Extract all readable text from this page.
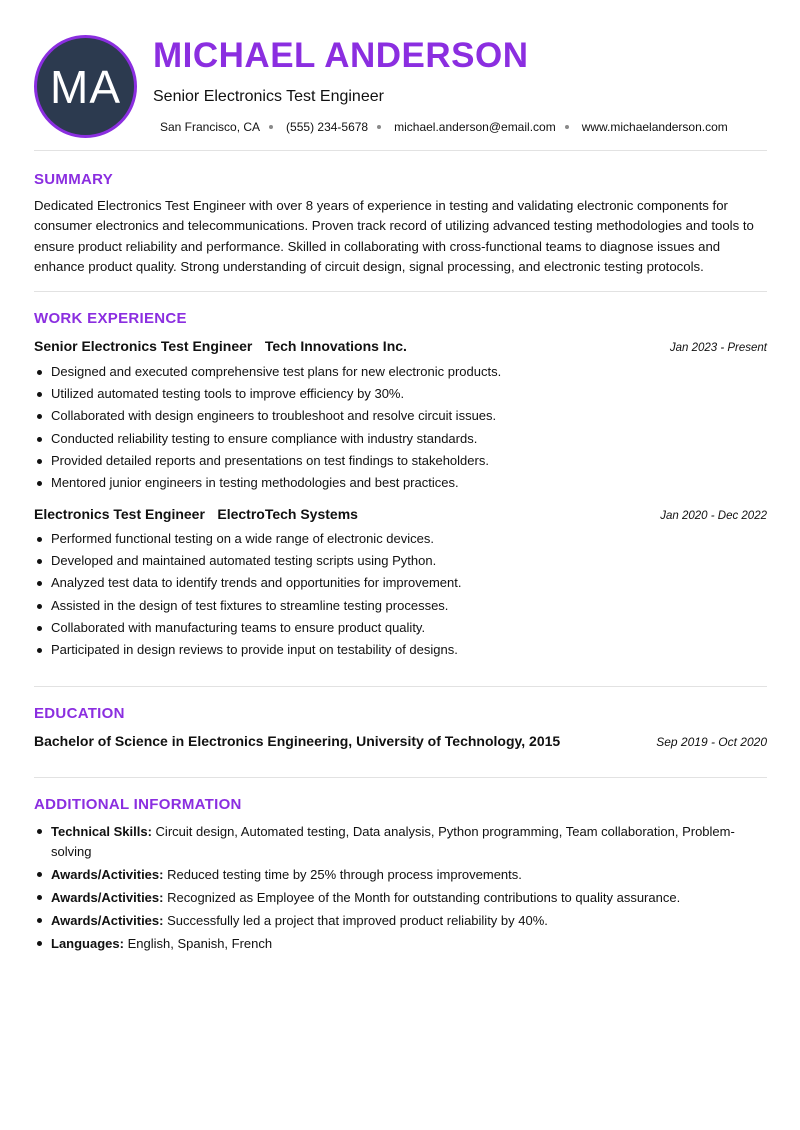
MA
MICHAEL ANDERSON
Senior Electronics Test Engineer
San Francisco, CA (555) 234-5678 michael.anderson@email.com www.michaelanderson.com
SUMMARY
Dedicated Electronics Test Engineer with over 8 years of experience in testing and validating electronic components for consumer electronics and telecommunications. Proven track record of utilizing advanced testing methodologies and tools to ensure product reliability and performance. Skilled in collaborating with cross-functional teams to diagnose issues and enhance product quality. Strong understanding of circuit design, signal processing, and electronic testing protocols.
WORK EXPERIENCE
Senior Electronics Test Engineer Tech Innovations Inc.	Jan 2023 - Present
Designed and executed comprehensive test plans for new electronic products.
Utilized automated testing tools to improve efficiency by 30%.
Collaborated with design engineers to troubleshoot and resolve circuit issues.
Conducted reliability testing to ensure compliance with industry standards.
Provided detailed reports and presentations on test findings to stakeholders.
Mentored junior engineers in testing methodologies and best practices.
Electronics Test Engineer ElectroTech Systems	Jan 2020 - Dec 2022
Performed functional testing on a wide range of electronic devices.
Developed and maintained automated testing scripts using Python.
Analyzed test data to identify trends and opportunities for improvement.
Assisted in the design of test fixtures to streamline testing processes.
Collaborated with manufacturing teams to ensure product quality.
Participated in design reviews to provide input on testability of designs.
EDUCATION
Bachelor of Science in Electronics Engineering, University of Technology, 2015	Sep 2019 - Oct 2020
ADDITIONAL INFORMATION
Technical Skills: Circuit design, Automated testing, Data analysis, Python programming, Team collaboration, Problem-solving
Awards/Activities: Reduced testing time by 25% through process improvements.
Awards/Activities: Recognized as Employee of the Month for outstanding contributions to quality assurance.
Awards/Activities: Successfully led a project that improved product reliability by 40%.
Languages: English, Spanish, French
